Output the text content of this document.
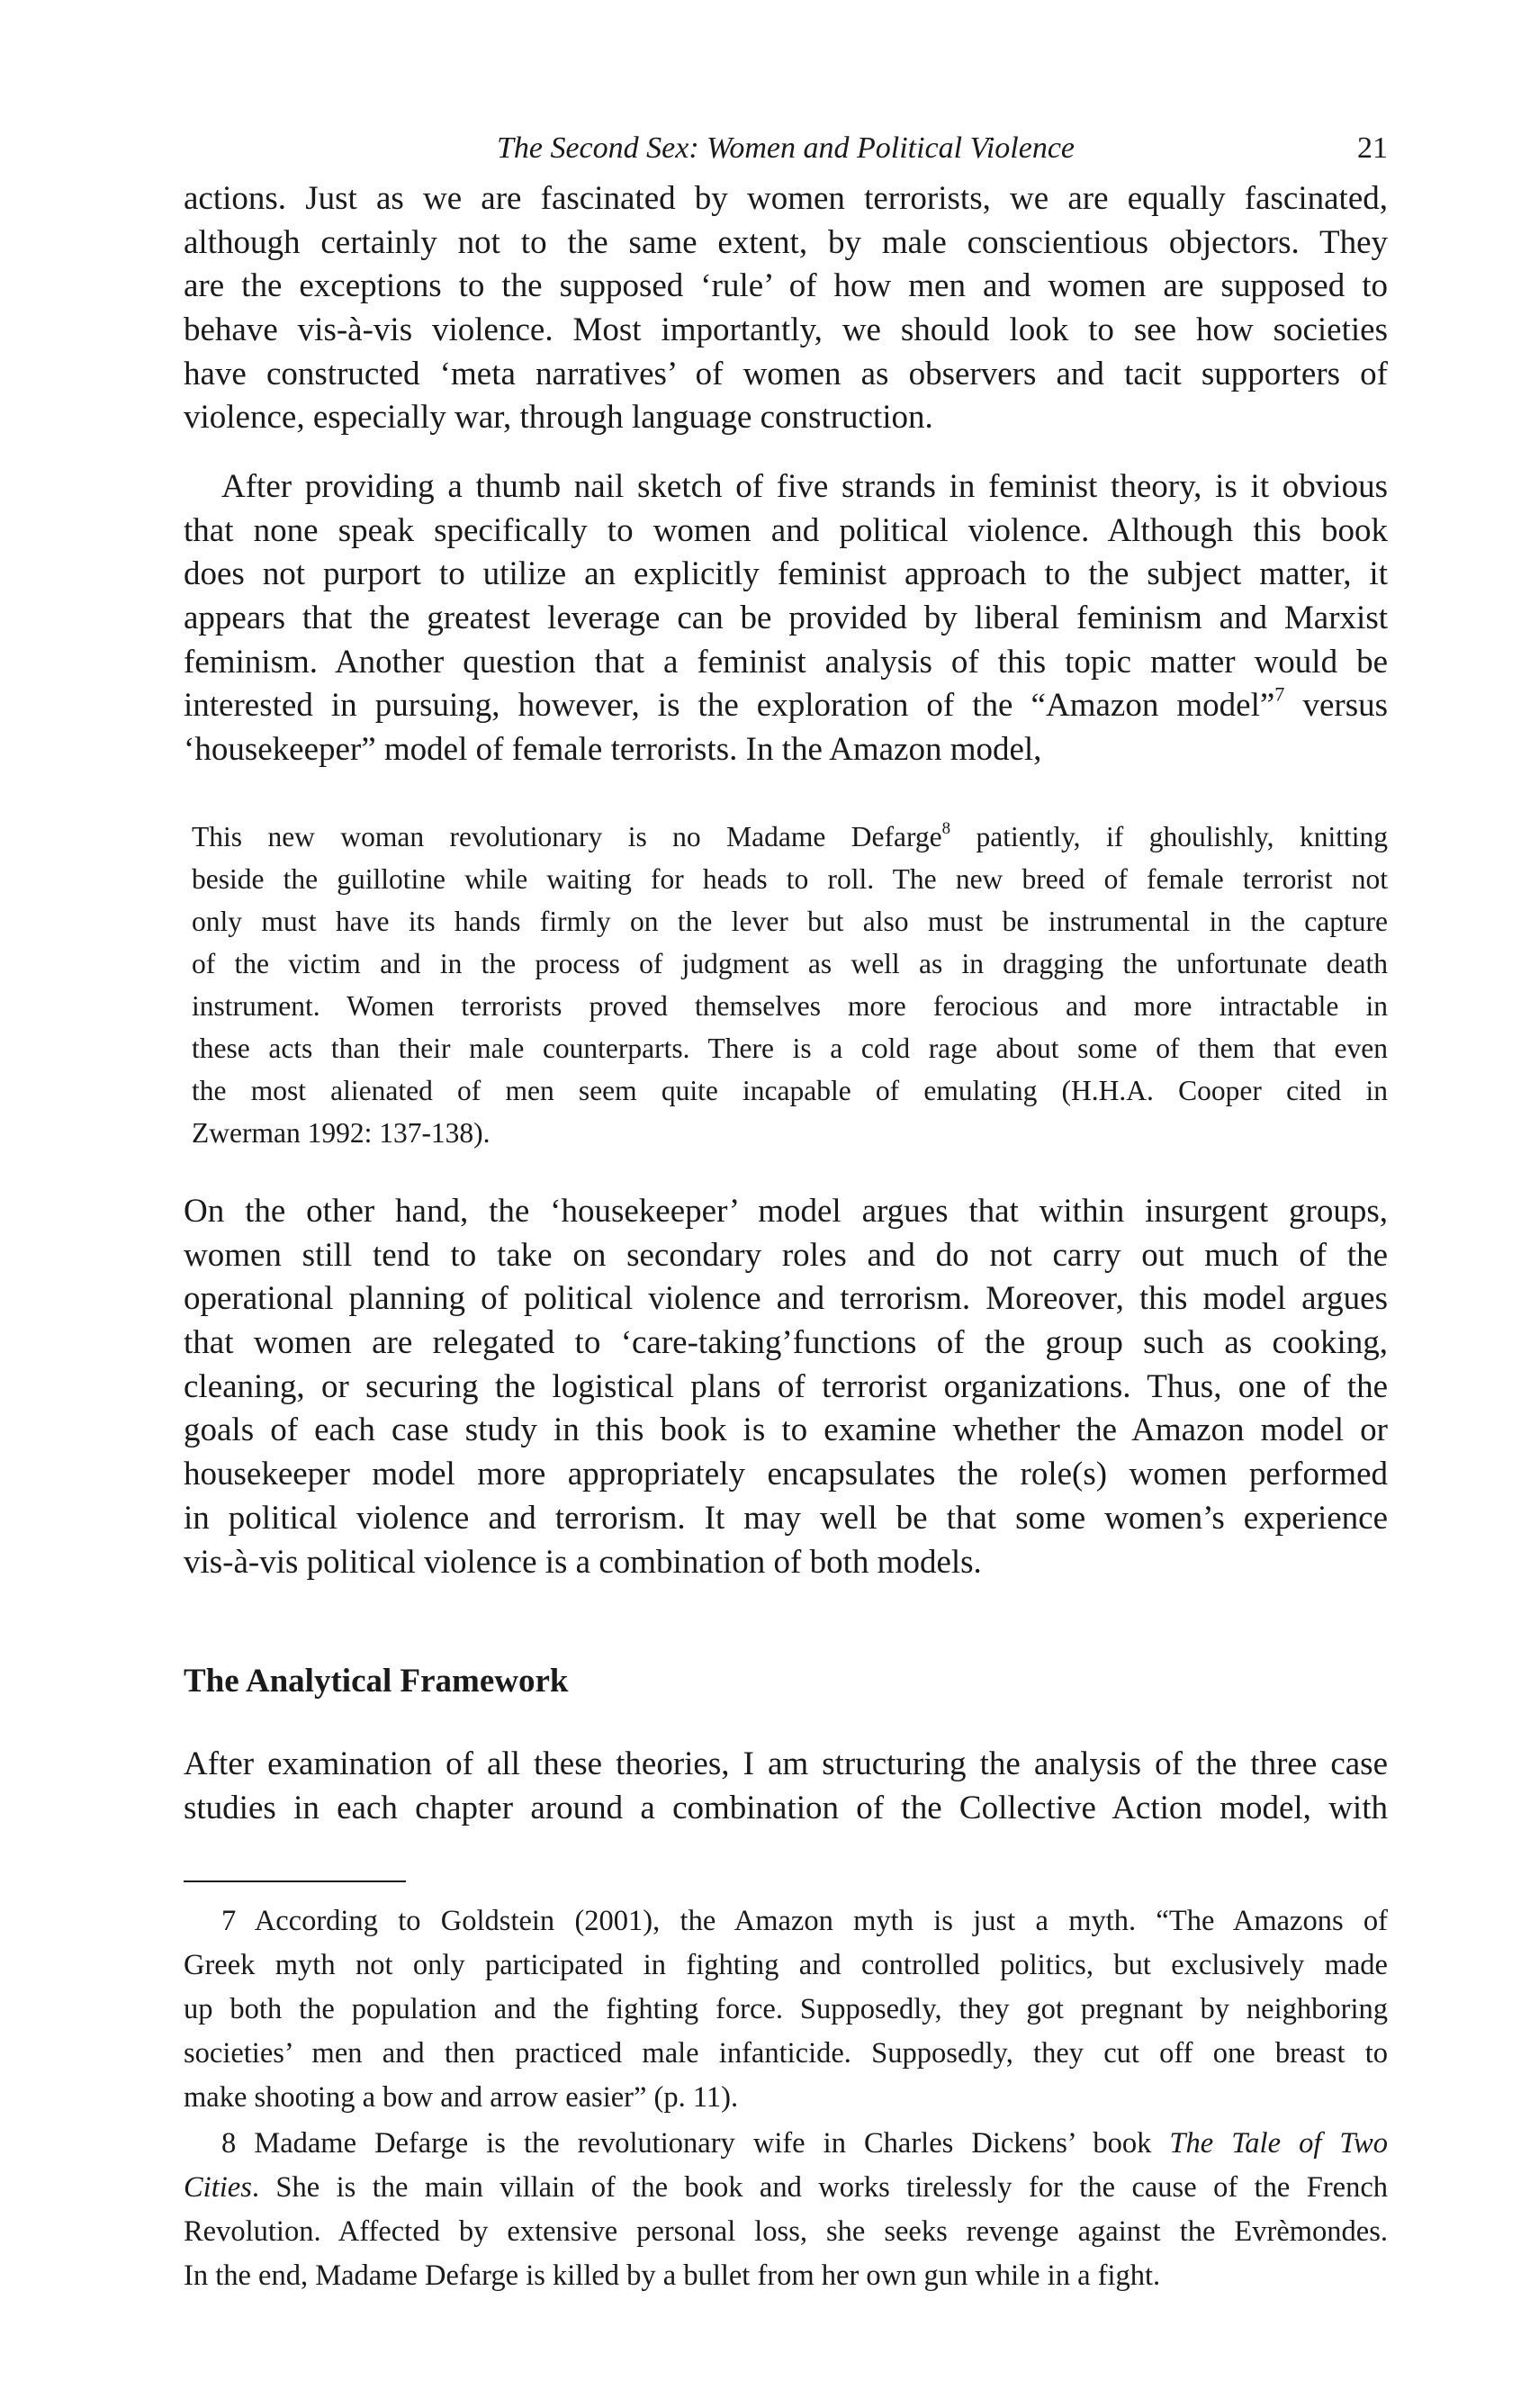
The Second Sex: Women and Political Violence	21
actions. Just as we are fascinated by women terrorists, we are equally fascinated,
although certainly not to the same extent, by male conscientious objectors. They
are the exceptions to the supposed ‘rule’ of how men and women are supposed to
behave vis-à-vis violence. Most importantly, we should look to see how societies
have constructed ‘meta narratives’ of women as observers and tacit supporters of
violence, especially war, through language construction.
After providing a thumb nail sketch of five strands in feminist theory, is it obvious
that none speak specifically to women and political violence. Although this book
does not purport to utilize an explicitly feminist approach to the subject matter, it
appears that the greatest leverage can be provided by liberal feminism and Marxist
feminism. Another question that a feminist analysis of this topic matter would be
interested in pursuing, however, is the exploration of the “Amazon model”$^7$ versus
‘housekeeper” model of female terrorists. In the Amazon model,
This new woman revolutionary is no Madame Defarge$^8$ patiently, if ghoulishly, knitting
beside the guillotine while waiting for heads to roll. The new breed of female terrorist not
only must have its hands firmly on the lever but also must be instrumental in the capture
of the victim and in the process of judgment as well as in dragging the unfortunate death
instrument. Women terrorists proved themselves more ferocious and more intractable in
these acts than their male counterparts. There is a cold rage about some of them that even
the most alienated of men seem quite incapable of emulating (H.H.A. Cooper cited in
Zwerman 1992: 137-138).
On the other hand, the ‘housekeeper’ model argues that within insurgent groups,
women still tend to take on secondary roles and do not carry out much of the
operational planning of political violence and terrorism. Moreover, this model argues
that women are relegated to ‘care-taking’functions of the group such as cooking,
cleaning, or securing the logistical plans of terrorist organizations. Thus, one of the
goals of each case study in this book is to examine whether the Amazon model or
housekeeper model more appropriately encapsulates the role(s) women performed
in political violence and terrorism. It may well be that some women’s experience
vis-à-vis political violence is a combination of both models.
The Analytical Framework
After examination of all these theories, I am structuring the analysis of the three case
studies in each chapter around a combination of the Collective Action model, with
7 According to Goldstein (2001), the Amazon myth is just a myth. “The Amazons of
Greek myth not only participated in fighting and controlled politics, but exclusively made
up both the population and the fighting force. Supposedly, they got pregnant by neighboring
societies’ men and then practiced male infanticide. Supposedly, they cut off one breast to
make shooting a bow and arrow easier” (p. 11).
8 Madame Defarge is the revolutionary wife in Charles Dickens’ book The Tale of Two
Cities. She is the main villain of the book and works tirelessly for the cause of the French
Revolution. Affected by extensive personal loss, she seeks revenge against the Evrèmondes.
In the end, Madame Defarge is killed by a bullet from her own gun while in a fight.
